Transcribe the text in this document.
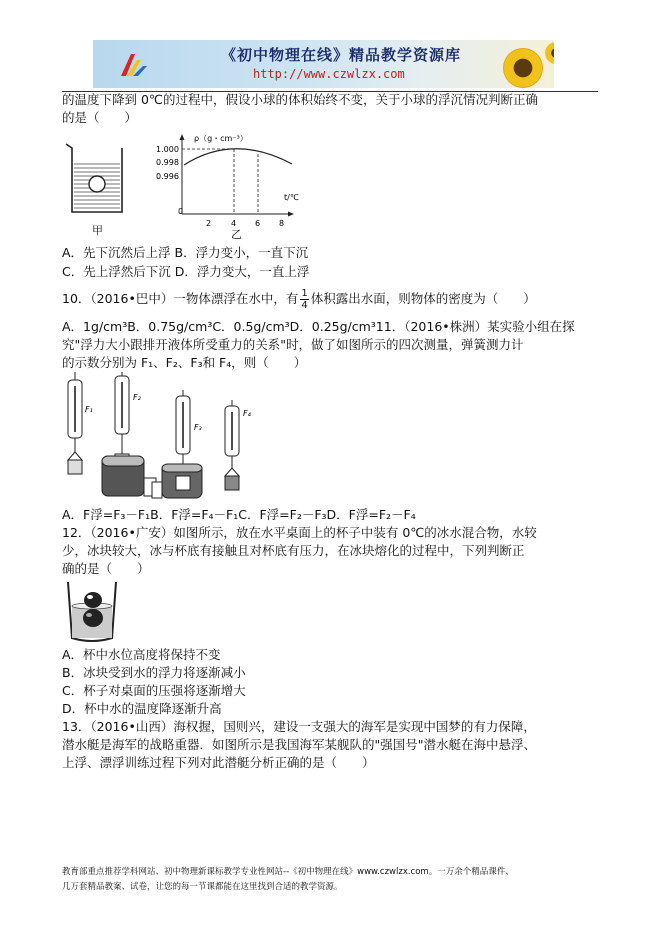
《初中物理在线》精品教学资源库
http://www.czwlzx.com
的温度下降到 0℃的过程中，假设小球的体积始终不变，关于小球的浮沉情况判断正确
的是（　　）
甲
ρ（g・cm⁻³）
t/℃
1.000
0.998
0.996
0
2 4 6 8
乙
A．先下沉然后上浮 B．浮力变小，一直下沉
C．先上浮然后下沉 D．浮力变大，一直上浮
10．（2016•巴中）一物体漂浮在水中，有 $\frac{1}{4}$ 体积露出水面，则物体的密度为（　　）
A．1g/cm³B．0.75g/cm³C．0.5g/cm³D．0.25g/cm³11．（2016•株洲）某实验小组在探
究"浮力大小跟排开液体所受重力的关系"时，做了如图所示的四次测量，弹簧测力计
的示数分别为 F₁、F₂、F₃和 F₄，则（　　）
F₁
F₂
F₃
F₄
A．F浮=F₃－F₁B．F浮=F₄－F₁C．F浮=F₂－F₃D．F浮=F₂－F₄
12．（2016•广安）如图所示，放在水平桌面上的杯子中装有 0℃的冰水混合物，水较
少，冰块较大，冰与杯底有接触且对杯底有压力，在冰块熔化的过程中，下列判断正
确的是（　　）
A．杯中水位高度将保持不变
B．冰块受到水的浮力将逐渐减小
C．杯子对桌面的压强将逐渐增大
D．杯中水的温度降逐渐升高
13．（2016•山西）海权握，国则兴，建设一支强大的海军是实现中国梦的有力保障，
潜水艇是海军的战略重器．如图所示是我国海军某舰队的"强国号"潜水艇在海中悬浮、
上浮、漂浮训练过程下列对此潜艇分析正确的是（　　）
教育部重点推荐学科网站、初中物理新课标教学专业性网站--《初中物理在线》www.czwlzx.com。一万余个精品课件、
几万套精品教案、试卷，让您的每一节课都能在这里找到合适的教学资源。
